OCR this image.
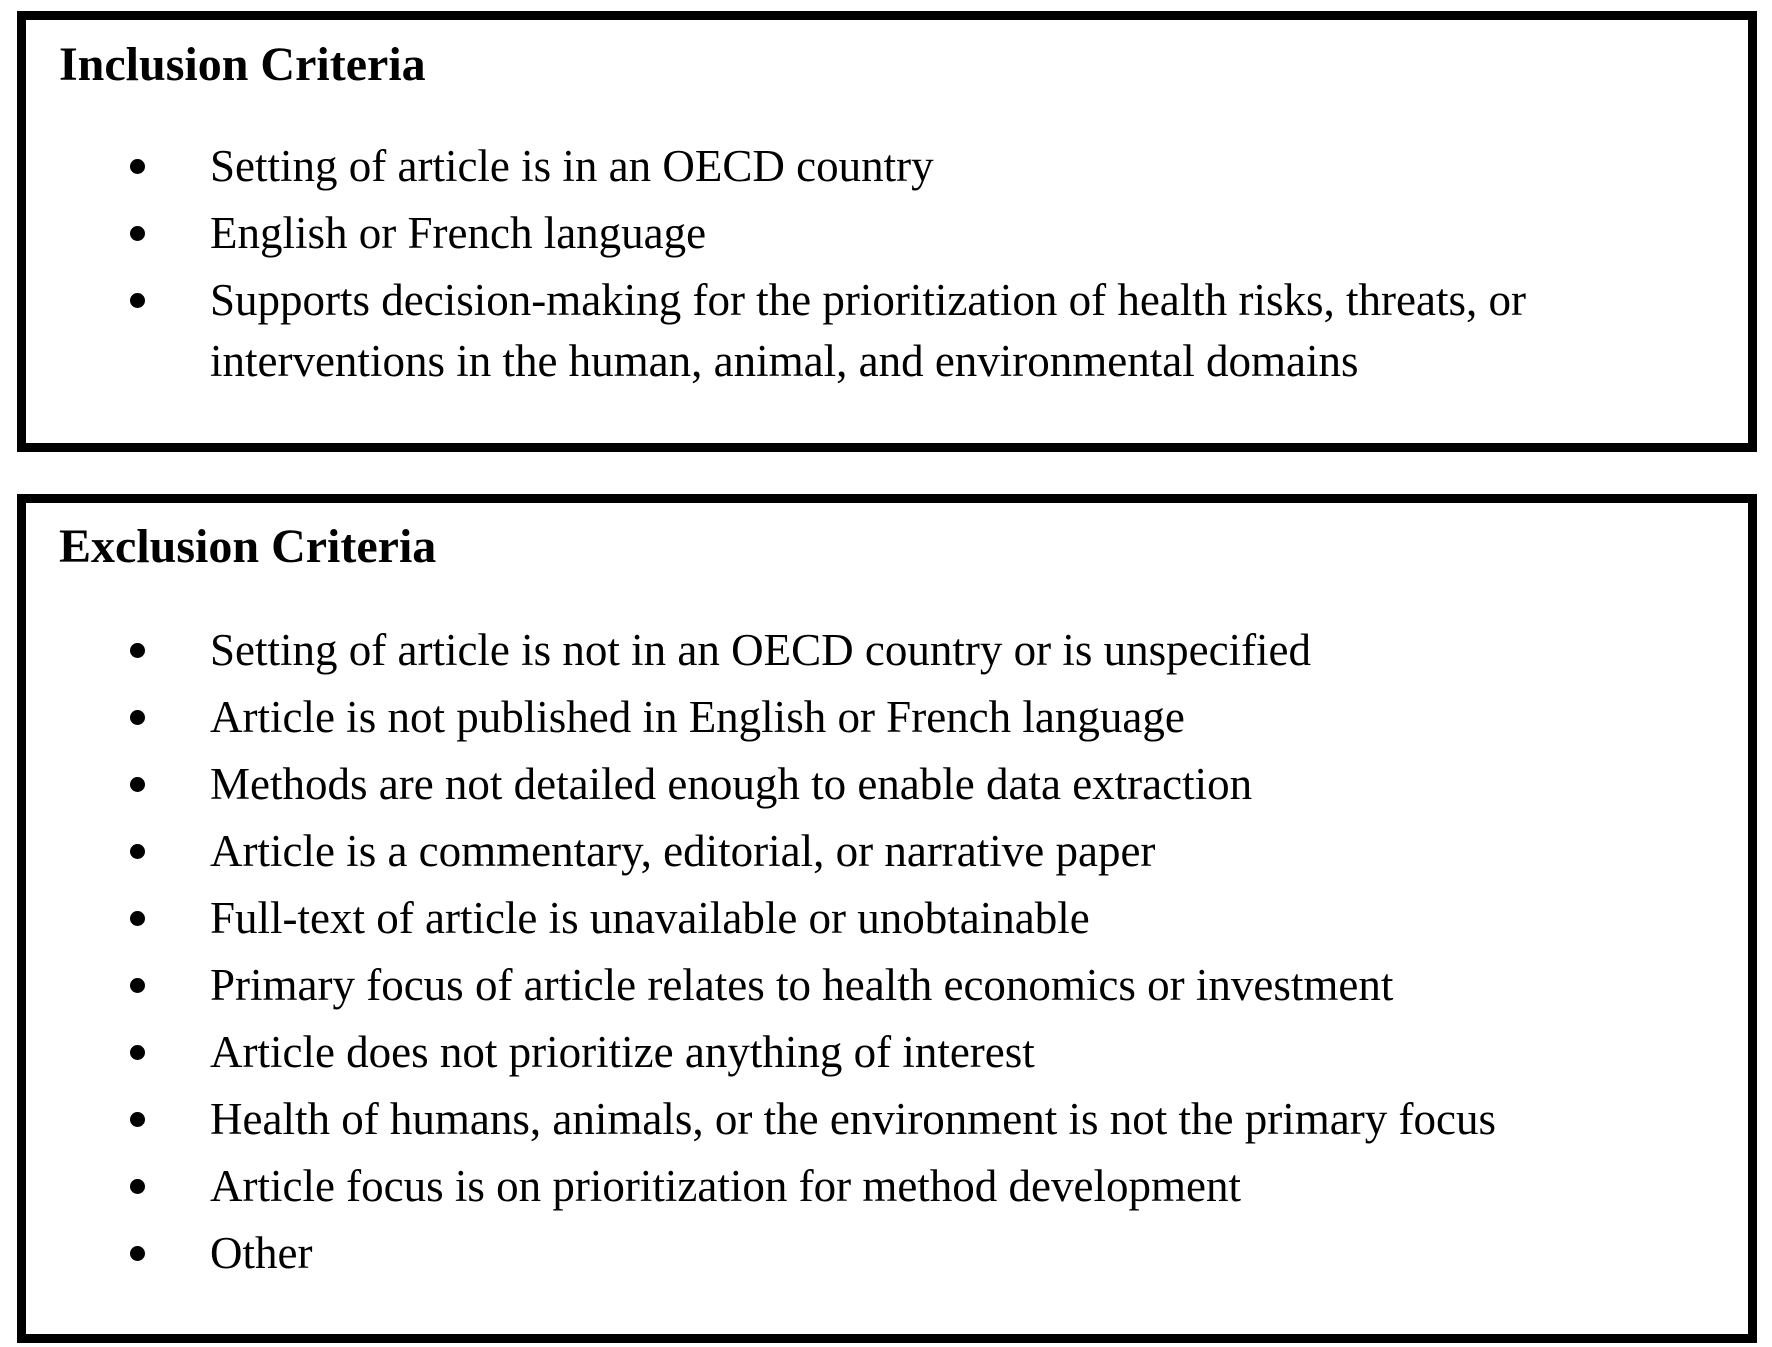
Inclusion Criteria
Setting of article is in an OECD country
English or French language
Supports decision-making for the prioritization of health risks, threats, or interventions in the human, animal, and environmental domains
Exclusion Criteria
Setting of article is not in an OECD country or is unspecified
Article is not published in English or French language
Methods are not detailed enough to enable data extraction
Article is a commentary, editorial, or narrative paper
Full-text of article is unavailable or unobtainable
Primary focus of article relates to health economics or investment
Article does not prioritize anything of interest
Health of humans, animals, or the environment is not the primary focus
Article focus is on prioritization for method development
Other
